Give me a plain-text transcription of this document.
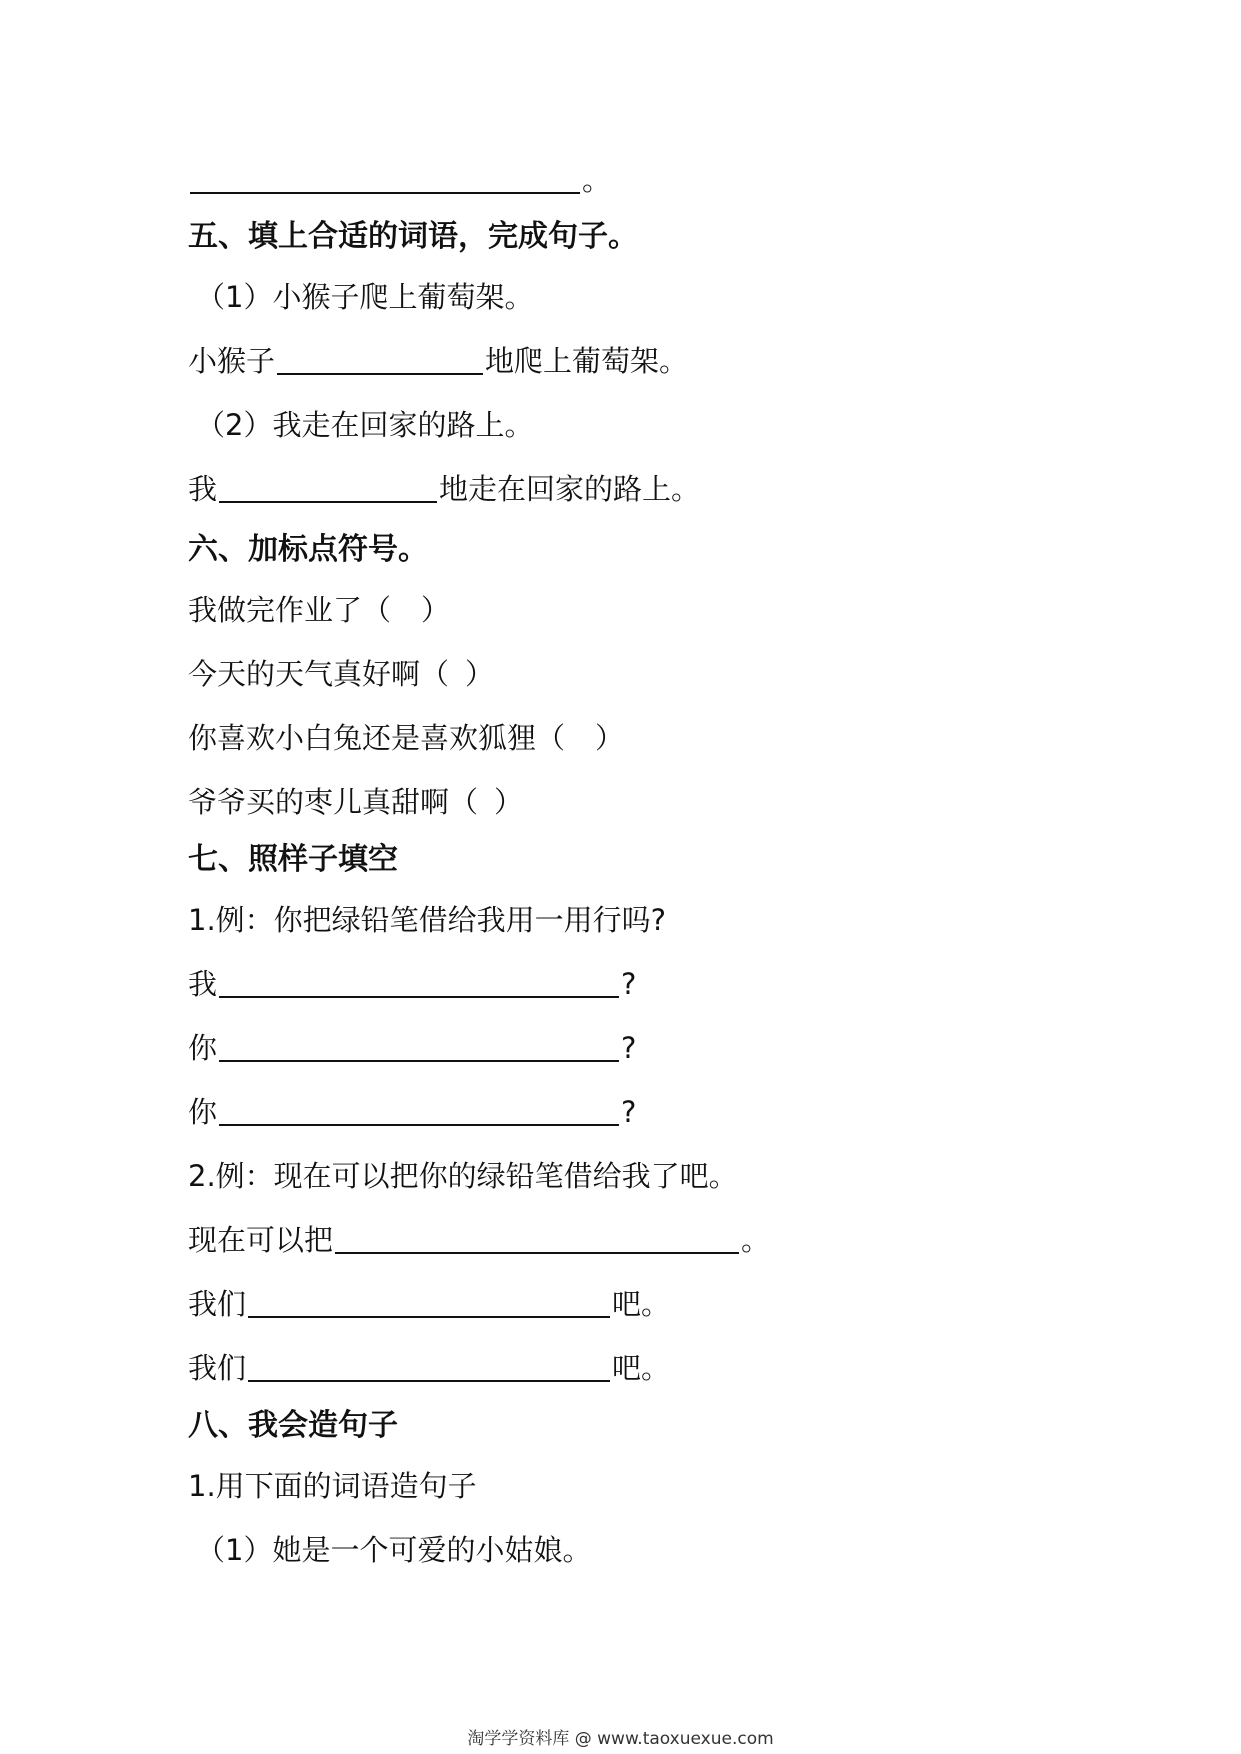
。
五、填上合适的词语，完成句子。
（1）小猴子爬上葡萄架。
小猴子	地爬上葡萄架。
（2）我走在回家的路上。
我	地走在回家的路上。
六、加标点符号。
我做完作业了 （ ）
今天的天气真好啊 （ ）
你喜欢小白兔还是喜欢狐狸 （ ）
爷爷买的枣儿真甜啊 （ ）
七、照样子填空
1.例：你把绿铅笔借给我用一用行吗?
我	?
你	?
你	?
2.例：现在可以把你的绿铅笔借给我了吧。
现在可以把	。
我们	吧。
我们	吧。
八、我会造句子
1.用下面的词语造句子
（1）她是一个可爱的小姑娘。
淘学学资料库 @ www.taoxuexue.com
